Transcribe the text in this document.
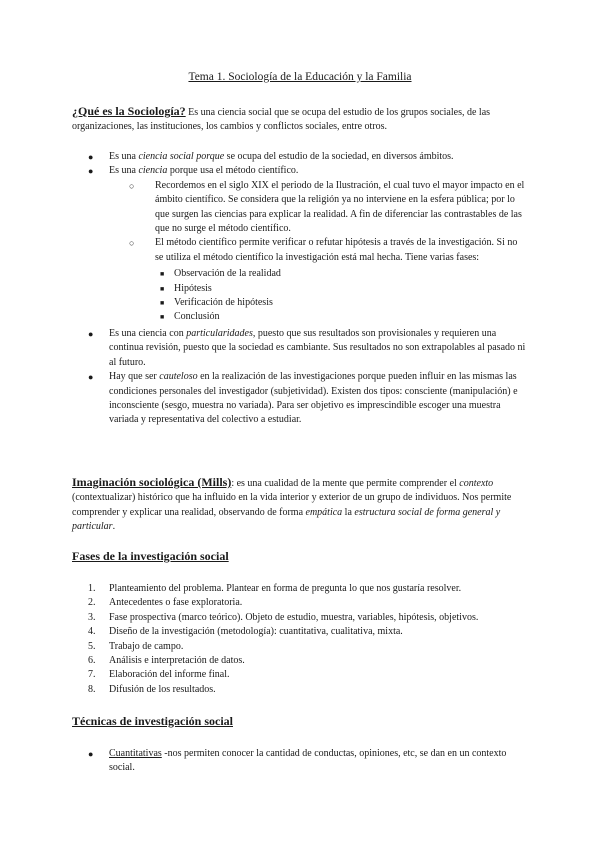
Tema 1. Sociología de la Educación y la Familia
¿Qué es la Sociología? Es una ciencia social que se ocupa del estudio de los grupos sociales, de las organizaciones, las instituciones, los cambios y conflictos sociales, entre otros.
● Es una ciencia social porque se ocupa del estudio de la sociedad, en diversos ámbitos.
● Es una ciencia porque usa el método científico.
○ Recordemos en el siglo XIX el periodo de la Ilustración, el cual tuvo el mayor impacto en el ámbito científico. Se considera que la religión ya no interviene en la esfera pública; por lo que surgen las ciencias para explicar la realidad. A fin de diferenciar las contrastables de las que no surge el método científico.
○ El método científico permite verificar o refutar hipótesis a través de la investigación. Si no se utiliza el método científico la investigación está mal hecha. Tiene varias fases:
■ Observación de la realidad
■ Hipótesis
■ Verificación de hipótesis
■ Conclusión
● Es una ciencia con particularidades, puesto que sus resultados son provisionales y requieren una continua revisión, puesto que la sociedad es cambiante. Sus resultados no son extrapolables al pasado ni al futuro.
● Hay que ser cauteloso en la realización de las investigaciones porque pueden influir en las mismas las condiciones personales del investigador (subjetividad). Existen dos tipos: consciente (manipulación) e inconsciente (sesgo, muestra no variada). Para ser objetivo es imprescindible escoger una muestra variada y representativa del colectivo a estudiar.
Imaginación sociológica (Mills): es una cualidad de la mente que permite comprender el contexto (contextualizar) histórico que ha influido en la vida interior y exterior de un grupo de individuos. Nos permite comprender y explicar una realidad, observando de forma empática la estructura social de forma general y particular.
Fases de la investigación social
1. Planteamiento del problema. Plantear en forma de pregunta lo que nos gustaría resolver.
2. Antecedentes o fase exploratoria.
3. Fase prospectiva (marco teórico). Objeto de estudio, muestra, variables, hipótesis, objetivos.
4. Diseño de la investigación (metodología): cuantitativa, cualitativa, mixta.
5. Trabajo de campo.
6. Análisis e interpretación de datos.
7. Elaboración del informe final.
8. Difusión de los resultados.
Técnicas de investigación social
● Cuantitativas -nos permiten conocer la cantidad de conductas, opiniones, etc, se dan en un contexto social.
